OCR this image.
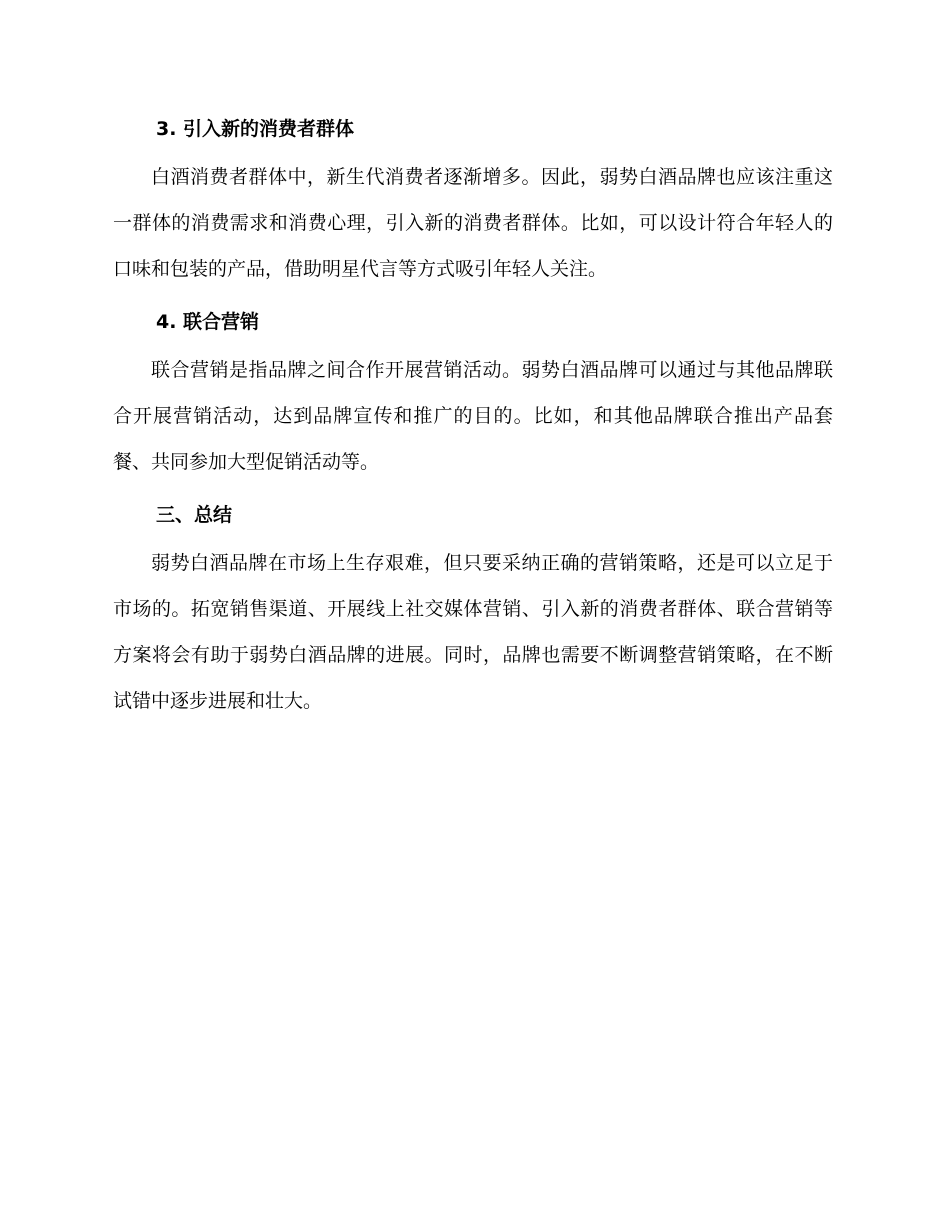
3. 引入新的消费者群体

白酒消费者群体中，新生代消费者逐渐增多。因此，弱势白酒品牌也应该注重这一群体的消费需求和消费心理，引入新的消费者群体。比如，可以设计符合年轻人的口味和包装的产品，借助明星代言等方式吸引年轻人关注。

4. 联合营销

联合营销是指品牌之间合作开展营销活动。弱势白酒品牌可以通过与其他品牌联合开展营销活动，达到品牌宣传和推广的目的。比如，和其他品牌联合推出产品套餐、共同参加大型促销活动等。

三、总结

弱势白酒品牌在市场上生存艰难，但只要采纳正确的营销策略，还是可以立足于市场的。拓宽销售渠道、开展线上社交媒体营销、引入新的消费者群体、联合营销等方案将会有助于弱势白酒品牌的进展。同时，品牌也需要不断调整营销策略，在不断试错中逐步进展和壮大。
